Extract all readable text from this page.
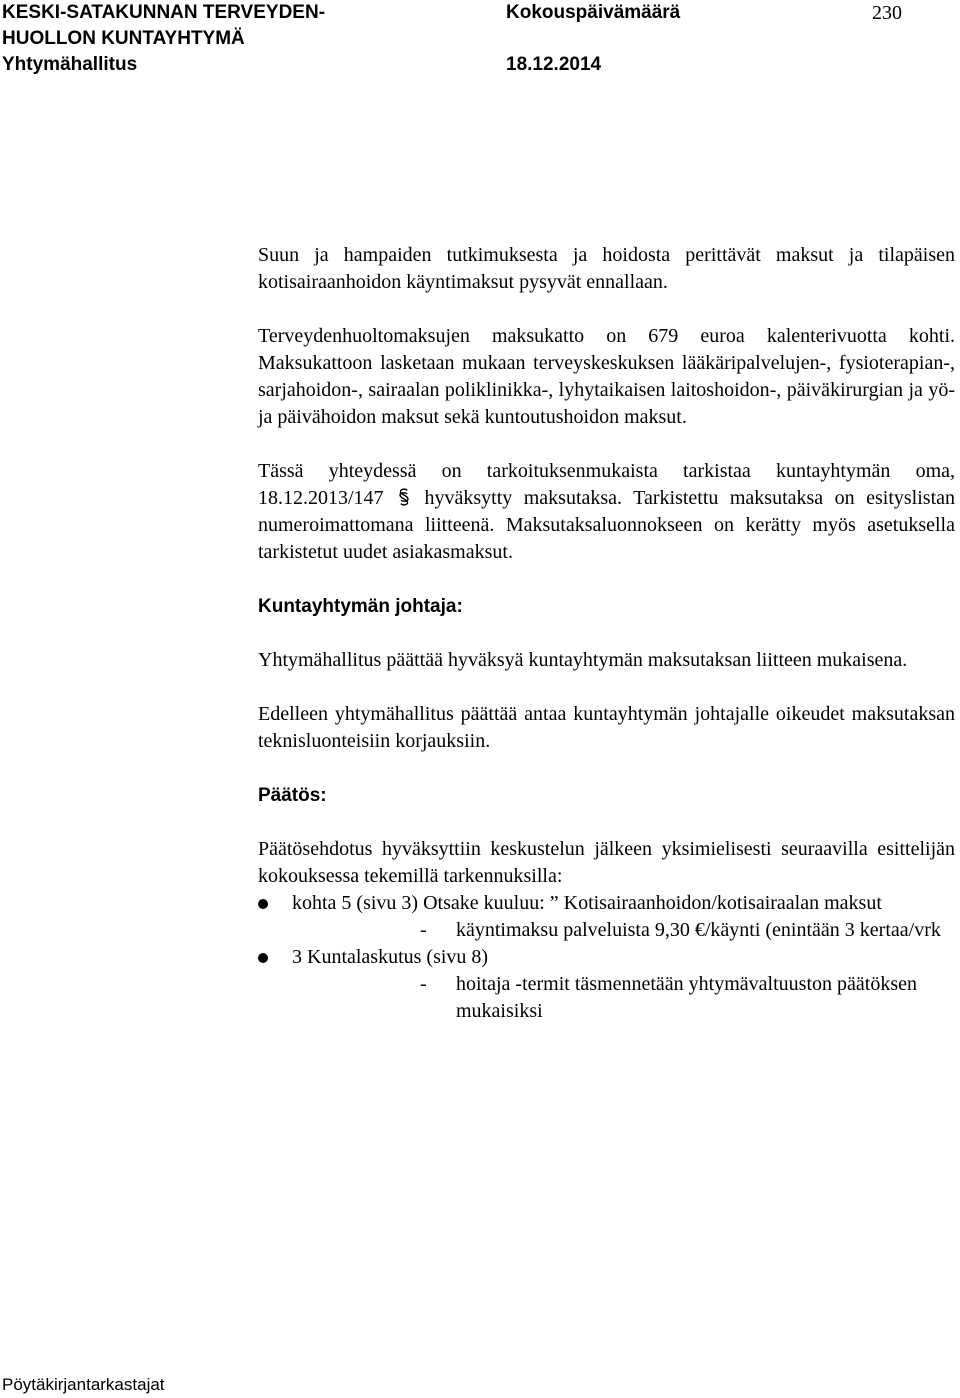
KESKI-SATAKUNNAN TERVEYDEN-
HUOLLON KUNTAYHTYMÄ
Yhtymähallitus
Kokouspäivämäärä	230
18.12.2014

Suun ja hampaiden tutkimuksesta ja hoidosta perittävät maksut ja tilapäisen kotisairaanhoidon käyntimaksut pysyvät ennallaan.

Terveydenhuoltomaksujen maksukatto on 679 euroa kalenterivuotta kohti. Maksukattoon lasketaan mukaan terveyskeskuksen lääkäripalvelujen-, fysioterapian-, sarjahoidon-, sairaalan poliklinikka-, lyhytaikaisen laitoshoidon-, päiväkirurgian ja yö- ja päivähoidon maksut sekä kuntoutushoidon maksut.

Tässä yhteydessä on tarkoituksenmukaista tarkistaa kuntayhtymän oma, 18.12.2013/147 hyväksytty maksutaksa. Tarkistettu maksutaksa on esityslistan numeroimattomana liitteenä. Maksutaksaluonnokseen on kerätty myös asetuksella tarkistetut uudet asiakasmaksut.

Kuntayhtymän johtaja:

Yhtymähallitus päättää hyväksyä kuntayhtymän maksutaksan liitteen mukaisena.

Edelleen yhtymähallitus päättää antaa kuntayhtymän johtajalle oikeudet maksutaksan teknisluonteisiin korjauksiin.

Päätös:

Päätösehdotus hyväksyttiin keskustelun jälkeen yksimielisesti seuraavilla esittelijän kokouksessa tekemillä tarkennuksilla:

kohta 5 (sivu 3) Otsake kuuluu: ” Kotisairaanhoidon/kotisairaalan maksut
- käyntimaksu palveluista 9,30 €/käynti (enintään 3 kertaa/vrk
3 Kuntalaskutus (sivu 8)
- hoitaja -termit täsmennetään yhtymävaltuuston päätöksen mukaisiksi
Pöytäkirjantarkastajat
